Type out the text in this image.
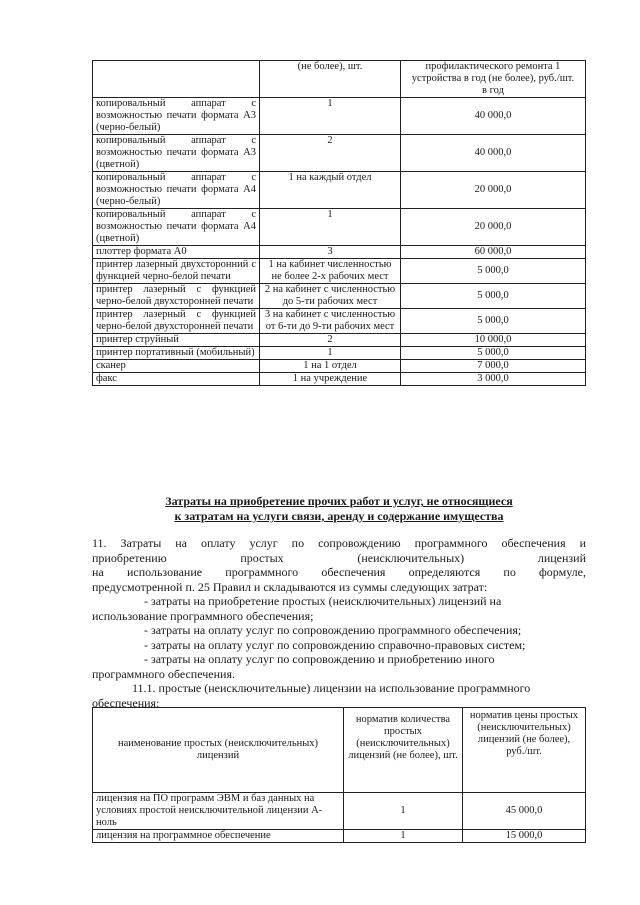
	(не более), шт.	профилактического ремонта 1 устройства в год (не более), руб./шт. в год
копировальный аппарат с возможностью печати формата А3 (черно-белый)	1	40 000,0
копировальный аппарат с возможностью печати формата А3 (цветной)	2	40 000,0
копировальный аппарат с возможностью печати формата А4 (черно-белый)	1 на каждый отдел	20 000,0
копировальный аппарат с возможностью печати формата А4 (цветной)	1	20 000,0
плоттер формата А0	3	60 000,0
принтер лазерный двухсторонний с функцией черно-белой печати	1 на кабинет численностью не более 2-х рабочих мест	5 000,0
принтер лазерный с функцией черно-белой двухсторонней печати	2 на кабинет с численностью до 5-ти рабочих мест	5 000,0
принтер лазерный с функцией черно-белой двухсторонней печати	3 на кабинет с численностью от 6-ти до 9-ти рабочих мест	5 000,0
принтер струйный	2	10 000,0
принтер портативный (мобильный)	1	5 000,0
сканер	1 на 1 отдел	7 000,0
факс	1 на учреждение	3 000,0
Затраты на приобретение прочих работ и услуг, не относящиеся
к затратам на услуги связи, аренду и содержание имущества
11. Затраты на оплату услуг по сопровождению программного обеспечения и
приобретению простых (неисключительных) лицензий
на использование программного обеспечения определяются по формуле,
предусмотренной п. 25 Правил и складываются из суммы следующих затрат:
- затраты на приобретение простых (неисключительных) лицензий на
использование программного обеспечения;
- затраты на оплату услуг по сопровождению программного обеспечения;
- затраты на оплату услуг по сопровождению справочно-правовых систем;
- затраты на оплату услуг по сопровождению и приобретению иного
программного обеспечения.
11.1. простые (неисключительные) лицензии на использование программного
обеспечения:
наименование простых (неисключительных) лицензий	норматив количества простых (неисключительных) лицензий (не более), шт.	норматив цены простых (неисключительных) лицензий (не более), руб./шт.
лицензия на ПО программ ЭВМ и баз данных на условиях простой неисключительной лицензии А-ноль	1	45 000,0
лицензия на программное обеспечение	1	15 000,0
